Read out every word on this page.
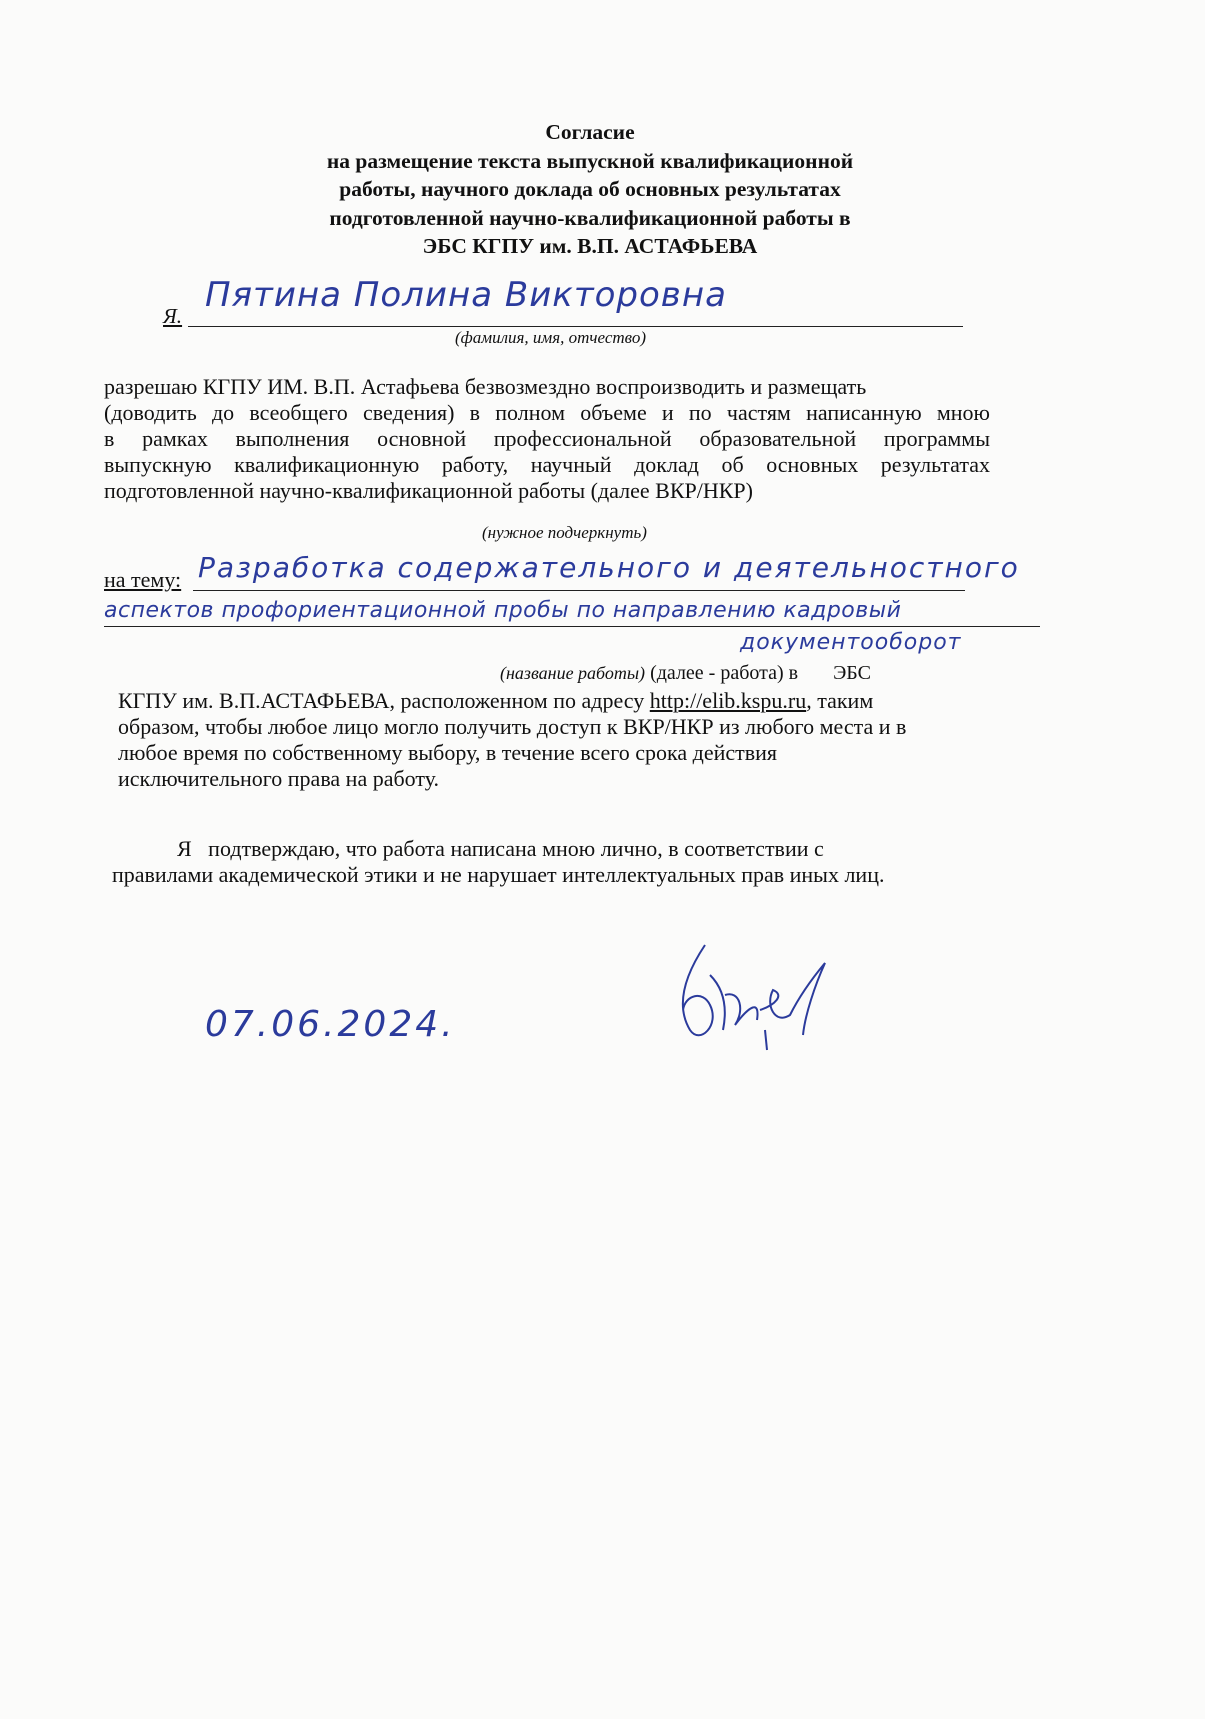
Согласие
на размещение текста выпускной квалификационной
работы, научного доклада об основных результатах
подготовленной научно-квалификационной работы в
ЭБС КГПУ им. В.П. АСТАФЬЕВА
Я.
Пятина Полина Викторовна
(фамилия, имя, отчество)
разрешаю КГПУ ИМ. В.П. Астафьева безвозмездно воспроизводить и размещать
(доводить до всеобщего сведения) в полном объеме и по частям написанную мною
в рамках выполнения основной профессиональной образовательной программы
выпускную квалификационную работу, научный доклад об основных результатах
подготовленной научно-квалификационной работы (далее ВКР/НКР)
(нужное подчеркнуть)
на тему: Разработка содержательного и деятельностного
аспектов профориентационной пробы по направлению кадровый
документооборот
(название работы) (далее - работа) в       ЭБС
КГПУ им. В.П.АСТАФЬЕВА, расположенном по адресу http://elib.kspu.ru, таким
образом, чтобы любое лицо могло получить доступ к ВКР/НКР из любого места и в
любое время по собственному выбору, в течение всего срока действия
исключительного права на работу.
Я   подтверждаю, что работа написана мною лично, в соответствии с
правилами академической этики и не нарушает интеллектуальных прав иных лиц.
07.06.2024.
